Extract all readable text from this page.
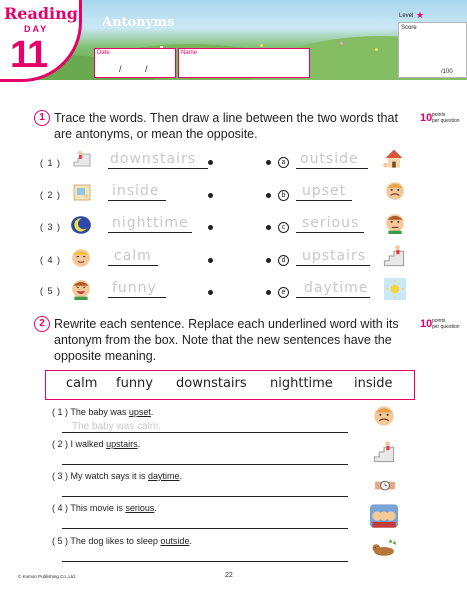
Reading
DAY
11
Antonyms
Date
/	/
Name
Level ★
Score
/100
1 Trace the words. Then draw a line between the two words that
are antonyms, or mean the opposite.
10 points
per question
( 1 )	downstairs	a outside
( 2 )	inside	b upset
( 3 )	nighttime	c serious
( 4 )	calm	d upstairs
( 5 )	funny	e daytime
2 Rewrite each sentence. Replace each underlined word with its
antonym from the box. Note that the new sentences have the
opposite meaning.
10 points
per question
calm funny downstairs nighttime inside
( 1 ) The baby was upset.
The baby was calm.
( 2 ) I walked upstairs.
( 3 ) My watch says it is daytime.
( 4 ) This movie is serious.
( 5 ) The dog likes to sleep outside.
© Kumon Publishing Co.,Ltd.	22
